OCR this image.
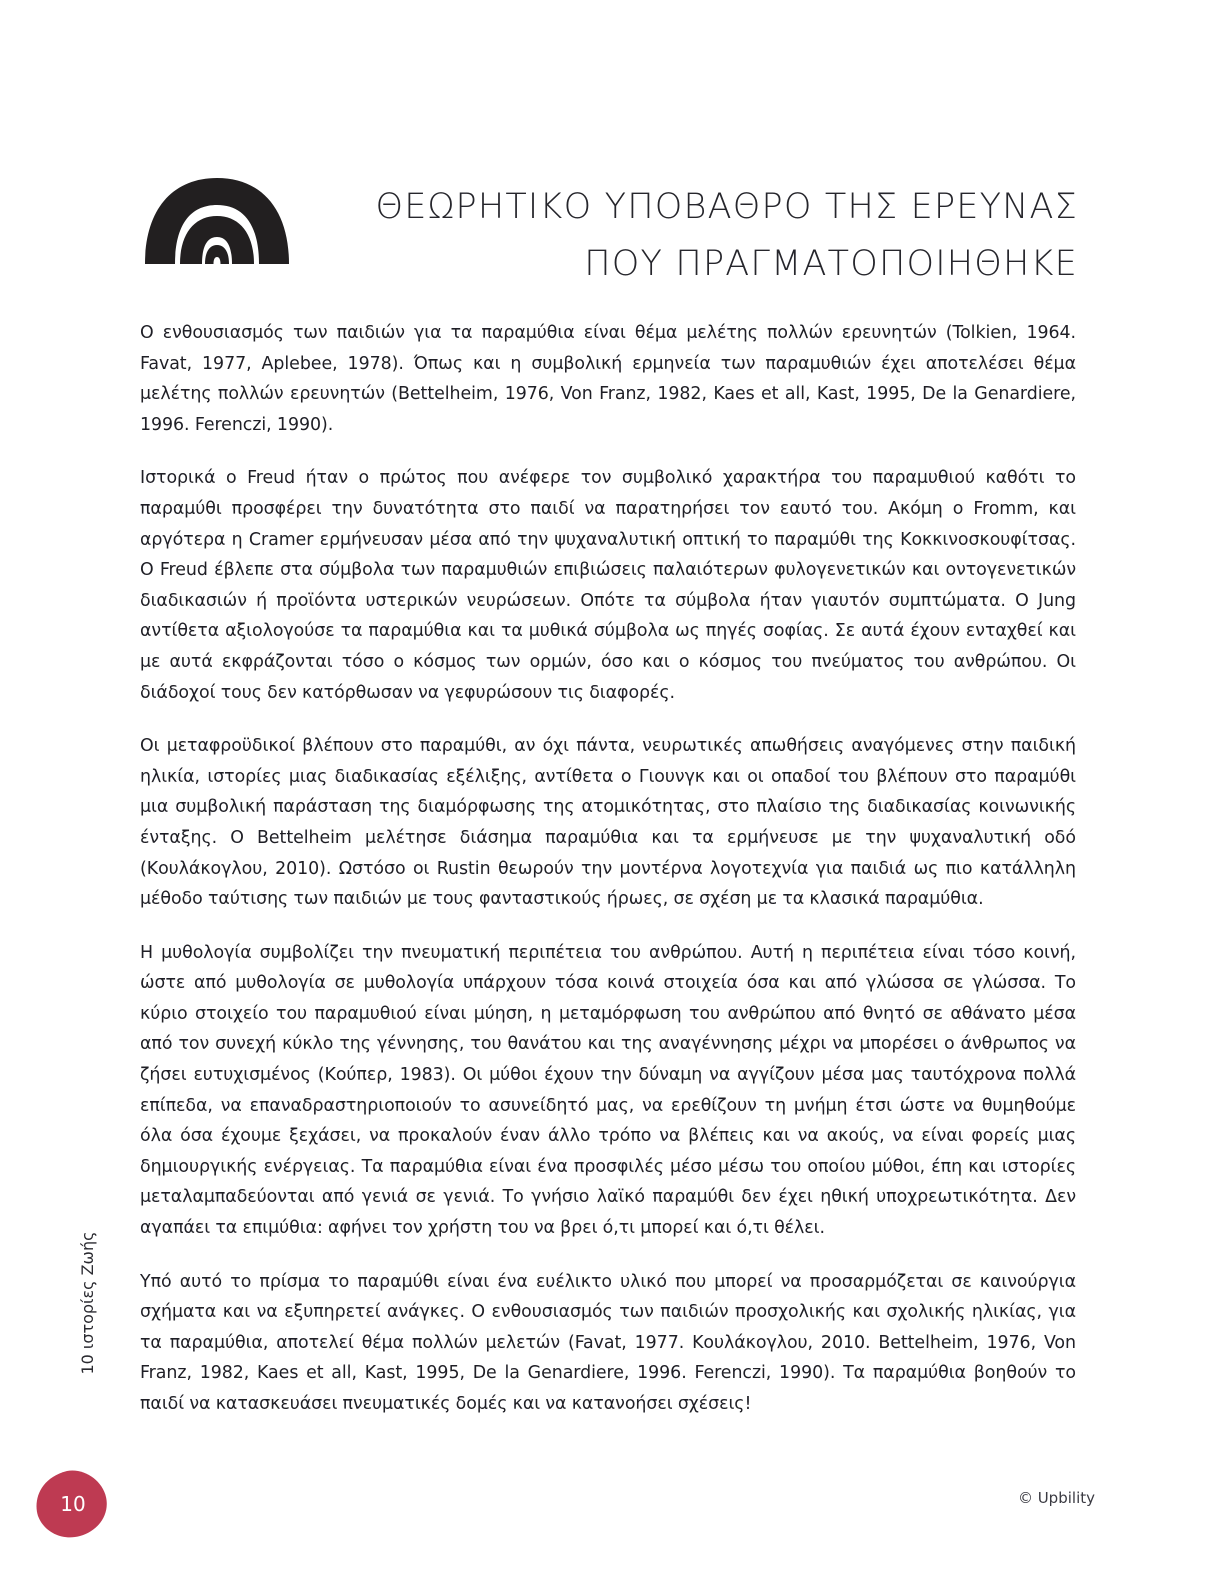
ΘΕΩΡΗΤΙΚΟ ΥΠΟΒΑΘΡΟ ΤΗΣ ΕΡΕΥΝΑΣ
ΠΟΥ ΠΡΑΓΜΑΤΟΠΟΙΗΘΗΚΕ

Ο ενθουσιασμός των παιδιών για τα παραμύθια είναι θέμα μελέτης πολλών ερευνητών (Tolkien, 1964. Favat, 1977, Aplebee, 1978). Όπως και η συμβολική ερμηνεία των παραμυθιών έχει αποτελέσει θέμα μελέτης πολλών ερευνητών (Bettelheim, 1976, Von Franz, 1982, Kaes et all, Kast, 1995, De la Genardiere, 1996. Ferenczi, 1990).

Ιστορικά ο Freud ήταν ο πρώτος που ανέφερε τον συμβολικό χαρακτήρα του παραμυθιού καθότι το παραμύθι προσφέρει την δυνατότητα στο παιδί να παρατηρήσει τον εαυτό του. Ακόμη ο Fromm, και αργότερα η Cramer ερμήνευσαν μέσα από την ψυχαναλυτική οπτική το παραμύθι της Κοκκινοσκουφίτσας. Ο Freud έβλεπε στα σύμβολα των παραμυθιών επιβιώσεις παλαιότερων φυλογενετικών και οντογενετικών διαδικασιών ή προϊόντα υστερικών νευρώσεων. Οπότε τα σύμβολα ήταν γιαυτόν συμπτώματα. Ο Jung αντίθετα αξιολογούσε τα παραμύθια και τα μυθικά σύμβολα ως πηγές σοφίας. Σε αυτά έχουν ενταχθεί και με αυτά εκφράζονται τόσο ο κόσμος των ορμών, όσο και ο κόσμος του πνεύματος του ανθρώπου. Οι διάδοχοί τους δεν κατόρθωσαν να γεφυρώσουν τις διαφορές.

Οι μεταφροϋδικοί βλέπουν στο παραμύθι, αν όχι πάντα, νευρωτικές απωθήσεις αναγόμενες στην παιδική ηλικία, ιστορίες μιας διαδικασίας εξέλιξης, αντίθετα ο Γιουνγκ και οι οπαδοί του βλέπουν στο παραμύθι μια συμβολική παράσταση της διαμόρφωσης της ατομικότητας, στο πλαίσιο της διαδικασίας κοινωνικής ένταξης. Ο Bettelheim μελέτησε διάσημα παραμύθια και τα ερμήνευσε με την ψυχαναλυτική οδό (Κουλάκογλου, 2010). Ωστόσο οι Rustin θεωρούν την μοντέρνα λογοτεχνία για παιδιά ως πιο κατάλληλη μέθοδο ταύτισης των παιδιών με τους φανταστικούς ήρωες, σε σχέση με τα κλασικά παραμύθια.

Η μυθολογία συμβολίζει την πνευματική περιπέτεια του ανθρώπου. Αυτή η περιπέτεια είναι τόσο κοινή, ώστε από μυθολογία σε μυθολογία υπάρχουν τόσα κοινά στοιχεία όσα και από γλώσσα σε γλώσσα. Το κύριο στοιχείο του παραμυθιού είναι μύηση, η μεταμόρφωση του ανθρώπου από θνητό σε αθάνατο μέσα από τον συνεχή κύκλο της γέννησης, του θανάτου και της αναγέννησης μέχρι να μπορέσει ο άνθρωπος να ζήσει ευτυχισμένος (Κούπερ, 1983). Οι μύθοι έχουν την δύναμη να αγγίζουν μέσα μας ταυτόχρονα πολλά επίπεδα, να επαναδραστηριοποιούν το ασυνείδητό μας, να ερεθίζουν τη μνήμη έτσι ώστε να θυμηθούμε όλα όσα έχουμε ξεχάσει, να προκαλούν έναν άλλο τρόπο να βλέπεις και να ακούς, να είναι φορείς μιας δημιουργικής ενέργειας. Τα παραμύθια είναι ένα προσφιλές μέσο μέσω του οποίου μύθοι, έπη και ιστορίες μεταλαμπαδεύονται από γενιά σε γενιά. Το γνήσιο λαϊκό παραμύθι δεν έχει ηθική υποχρεωτικότητα. Δεν αγαπάει τα επιμύθια: αφήνει τον χρήστη του να βρει ό,τι μπορεί και ό,τι θέλει.

Υπό αυτό το πρίσμα το παραμύθι είναι ένα ευέλικτο υλικό που μπορεί να προσαρμόζεται σε καινούργια σχήματα και να εξυπηρετεί ανάγκες. Ο ενθουσιασμός των παιδιών προσχολικής και σχολικής ηλικίας, για τα παραμύθια, αποτελεί θέμα πολλών μελετών (Favat, 1977. Κουλάκογλου, 2010. Bettelheim, 1976, Von Franz, 1982, Kaes et all, Kast, 1995, De la Genardiere, 1996. Ferenczi, 1990). Τα παραμύθια βοηθούν το παιδί να κατασκευάσει πνευματικές δομές και να κατανοήσει σχέσεις!

10 ιστορίες Ζωής
10	© Upbility
